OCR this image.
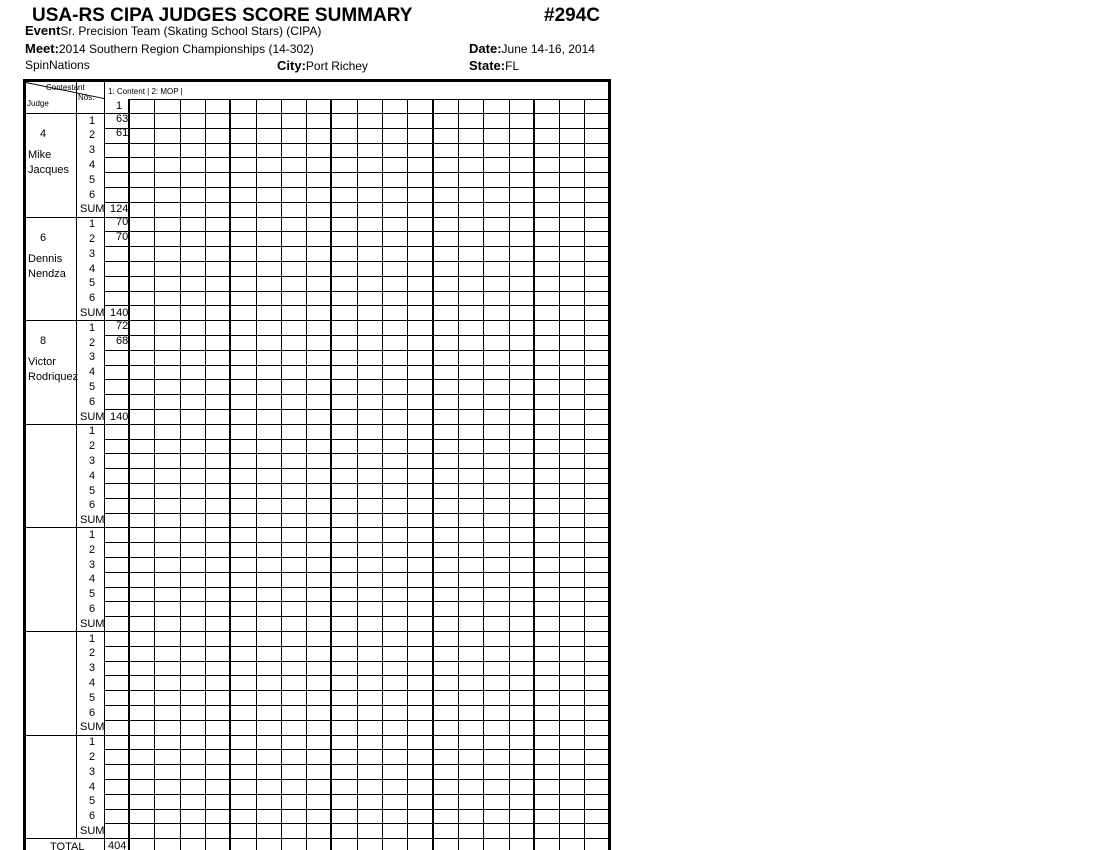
USA-RS CIPA JUDGES SCORE SUMMARY	#294C
EventSr. Precision Team (Skating School Stars) (CIPA)
Meet:2014 Southern Region Championships (14-302)	Date:June 14-16, 2014
SpinNations	City:Port Richey	State:FL
Contestant
Nos.
Judge
1: Content | 2: MOP |
1
4
Mike
Jacques
1 63
2 61
3
4
5
6
SUM 124
6
Dennis
Nendza
1 70
2 70
3
4
5
6
SUM 140
8
Victor
Rodriquez
1 72
2 68
3
4
5
6
SUM 140
1
2
3
4
5
6
SUM
1
2
3
4
5
6
SUM
1
2
3
4
5
6
SUM
1
2
3
4
5
6
SUM
TOTAL 404
